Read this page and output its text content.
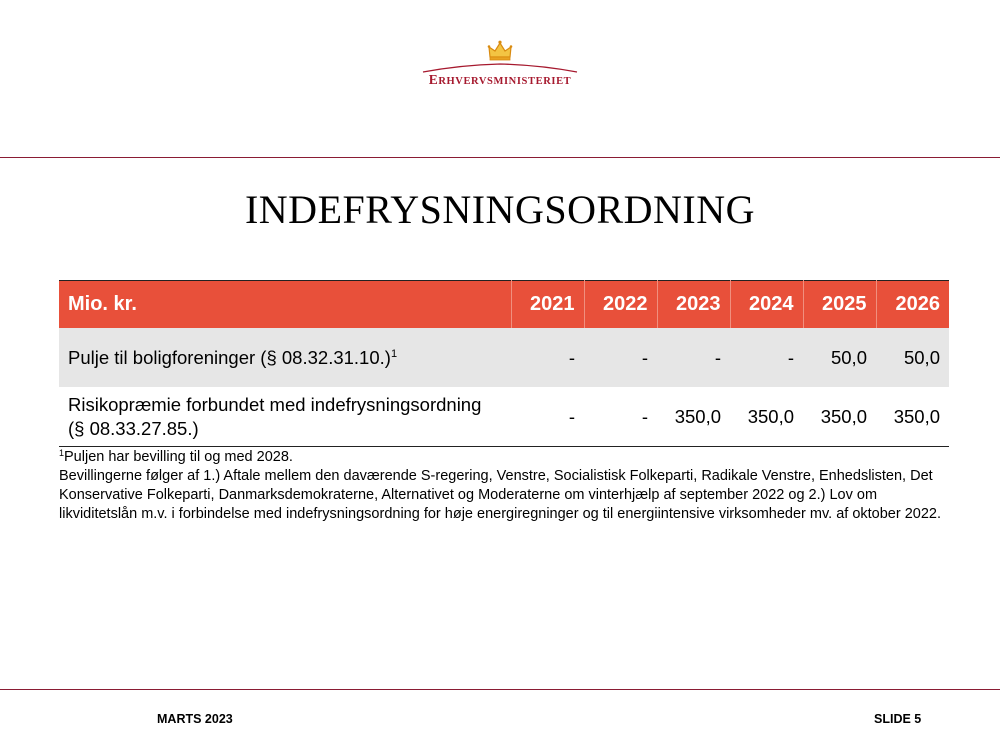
ERHVERVSMINISTERIET
INDEFRYSNINGSORDNING
Mio. kr.	2021	2022	2023	2024	2025	2026
Pulje til boligforeninger (§ 08.32.31.10.)$^1$	-	-	-	-	50,0	50,0
Risikopræmie forbundet med indefrysningsordning (§ 08.33.27.85.)	-	-	350,0	350,0	350,0	350,0

$^1$Puljen har bevilling til og med 2028.

Bevillingerne følger af 1.) Aftale mellem den daværende S-regering, Venstre, Socialistisk Folkeparti, Radikale Venstre, Enhedslisten, Det Konservative Folkeparti, Danmarksdemokraterne, Alternativet og Moderaterne om vinterhjælp af september 2022 og 2.) Lov om likviditetslån m.v. i forbindelse med indefrysningsordning for høje energiregninger og til energiintensive virksomheder mv. af oktober 2022.

MARTS 2023	SLIDE 5
